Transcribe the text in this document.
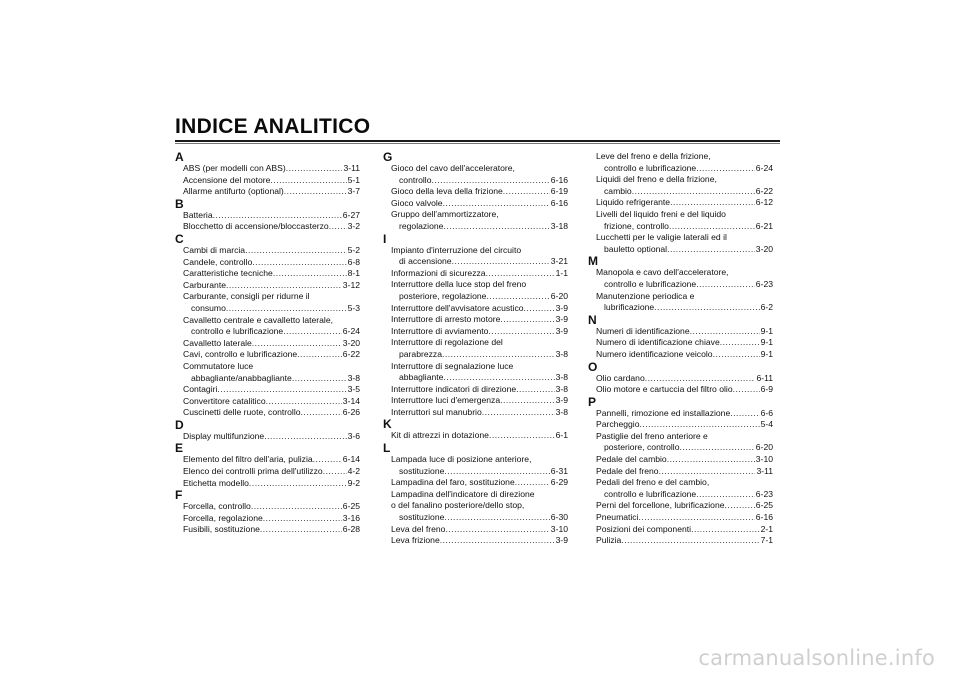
INDICE ANALITICO
A
ABS (per modelli con ABS) .....	3-11
Accensione del motore .....	5-1
Allarme antifurto (optional) .....	3-7
B
Batteria .....	6-27
Blocchetto di accensione/bloccasterzo ..... 3-2
C
Cambi di marcia .....	5-2
Candele, controllo .....	6-8
Caratteristiche tecniche .....	8-1
Carburante .....	3-12
Carburante, consigli per ridurne il
consumo .....	5-3
Cavalletto centrale e cavalletto laterale,
controllo e lubrificazione .....	6-24
Cavalletto laterale .....	3-20
Cavi, controllo e lubrificazione .....	6-22
Commutatore luce
abbagliante/anabbagliante .....	3-8
Contagiri .....	3-5
Convertitore catalitico .....	3-14
Cuscinetti delle ruote, controllo .....	6-26
D
Display multifunzione .....	3-6
E
Elemento del filtro dell'aria, pulizia .....	6-14
Elenco dei controlli prima dell'utilizzo .....	4-2
Etichetta modello .....	9-2
F
Forcella, controllo .....	6-25
Forcella, regolazione .....	3-16
Fusibili, sostituzione .....	6-28
G
Gioco del cavo dell'acceleratore,
controllo .....	6-16
Gioco della leva della frizione .....	6-19
Gioco valvole .....	6-16
Gruppo dell'ammortizzatore,
regolazione .....	3-18
I
Impianto d'interruzione del circuito
di accensione .....	3-21
Informazioni di sicurezza .....	1-1
Interruttore della luce stop del freno
posteriore, regolazione .....	6-20
Interruttore dell'avvisatore acustico .....	3-9
Interruttore di arresto motore .....	3-9
Interruttore di avviamento .....	3-9
Interruttore di regolazione del
parabrezza .....	3-8
Interruttore di segnalazione luce
abbagliante .....	3-8
Interruttore indicatori di direzione .....	3-8
Interruttore luci d'emergenza .....	3-9
Interruttori sul manubrio .....	3-8
K
Kit di attrezzi in dotazione .....	6-1
L
Lampada luce di posizione anteriore,
sostituzione .....	6-31
Lampadina del faro, sostituzione .....	6-29
Lampadina dell'indicatore di direzione
o del fanalino posteriore/dello stop,
sostituzione .....	6-30
Leva del freno .....	3-10
Leva frizione .....	3-9
Leve del freno e della frizione,
controllo e lubrificazione .....	6-24
Liquidi del freno e della frizione,
cambio .....	6-22
Liquido refrigerante .....	6-12
Livelli del liquido freni e del liquido
frizione, controllo .....	6-21
Lucchetti per le valigie laterali ed il
bauletto optional .....	3-20
M
Manopola e cavo dell'acceleratore,
controllo e lubrificazione .....	6-23
Manutenzione periodica e
lubrificazione .....	6-2
N
Numeri di identificazione .....	9-1
Numero di identificazione chiave .....	9-1
Numero identificazione veicolo .....	9-1
O
Olio cardano .....	6-11
Olio motore e cartuccia del filtro olio .....	6-9
P
Pannelli, rimozione ed installazione .....	6-6
Parcheggio .....	5-4
Pastiglie del freno anteriore e
posteriore, controllo .....	6-20
Pedale del cambio .....	3-10
Pedale del freno .....	3-11
Pedali del freno e del cambio,
controllo e lubrificazione .....	6-23
Perni del forcellone, lubrificazione .....	6-25
Pneumatici .....	6-16
Posizioni dei componenti .....	2-1
Pulizia .....	7-1
carmanualsonline.info
